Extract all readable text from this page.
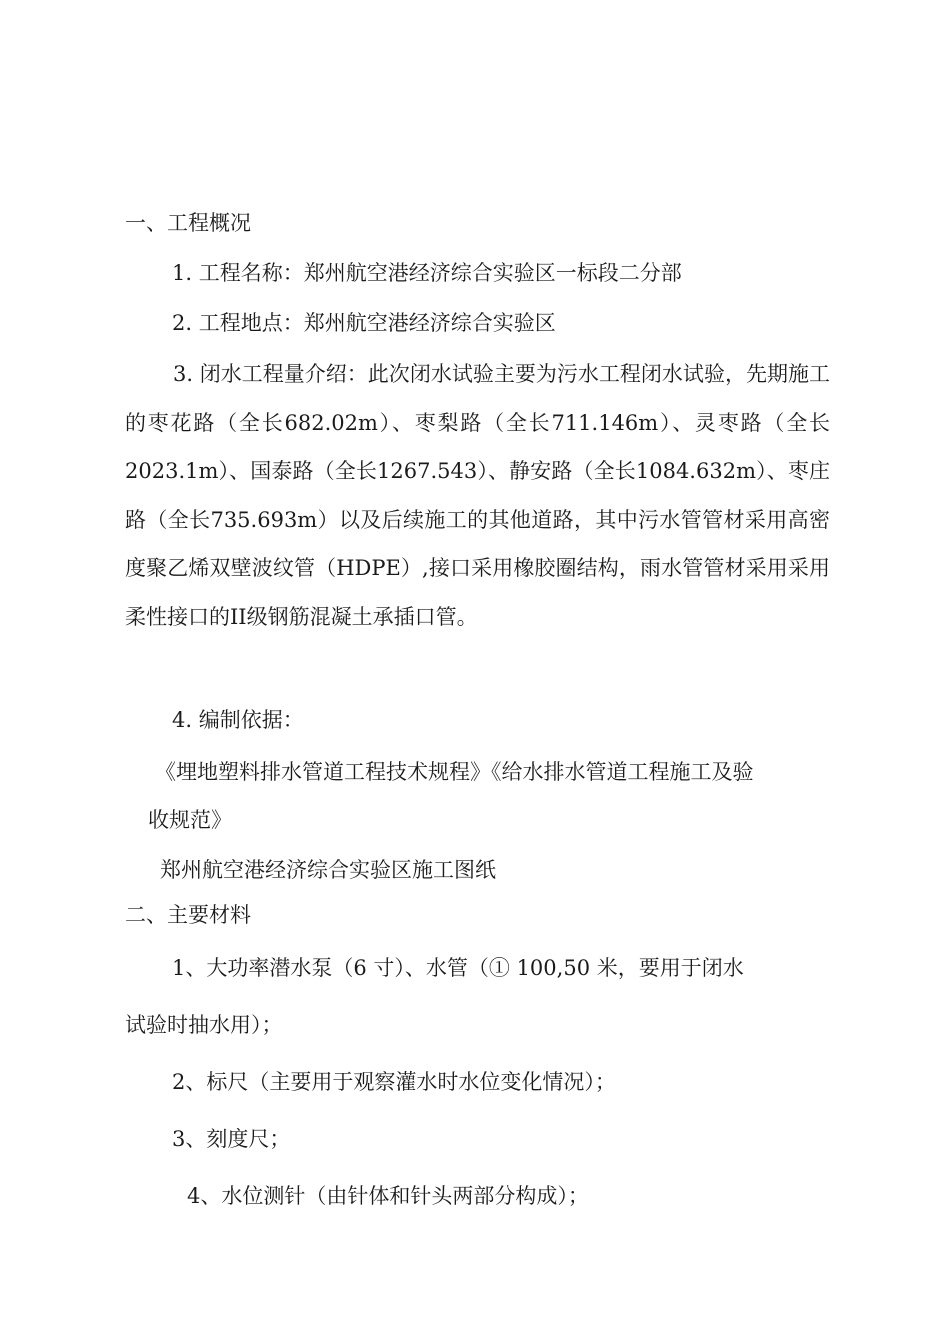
一、工程概况

1. 工程名称：郑州航空港经济综合实验区一标段二分部

2. 工程地点：郑州航空港经济综合实验区

3. 闭水工程量介绍：此次闭水试验主要为污水工程闭水试验，先期施工的枣花路（全长682.02m）、枣梨路（全长711.146m）、灵枣路（全长2023.1m）、国泰路（全长1267.543）、静安路（全长1084.632m）、枣庄路（全长735.693m）以及后续施工的其他道路，其中污水管管材采用高密度聚乙烯双壁波纹管（HDPE）,接口采用橡胶圈结构，雨水管管材采用采用柔性接口的II级钢筋混凝土承插口管。

4. 编制依据：

《埋地塑料排水管道工程技术规程》《给水排水管道工程施工及验

收规范》

郑州航空港经济综合实验区施工图纸

二、主要材料

1、大功率潜水泵（6 寸）、水管（① 100,50 米，要用于闭水

试验时抽水用）；

2、标尺（主要用于观察灌水时水位变化情况）；

3、刻度尺；

4、水位测针（由针体和针头两部分构成）；
